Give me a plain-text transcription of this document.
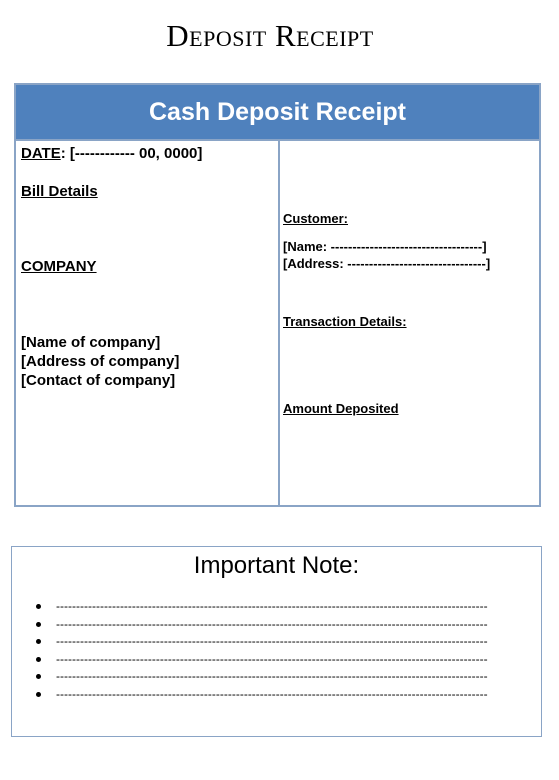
Deposit Receipt
Cash Deposit Receipt
DATE: [------------ 00, 0000]
Bill Details
COMPANY
[Name of company]
[Address of company]
[Contact of company]
Customer:
[Name: -----------------------------------]
[Address: --------------------------------]
Transaction Details:
Amount Deposited
Important Note:
------------------------------------------------------------------------------------------------------------
------------------------------------------------------------------------------------------------------------
------------------------------------------------------------------------------------------------------------
------------------------------------------------------------------------------------------------------------
------------------------------------------------------------------------------------------------------------
------------------------------------------------------------------------------------------------------------
